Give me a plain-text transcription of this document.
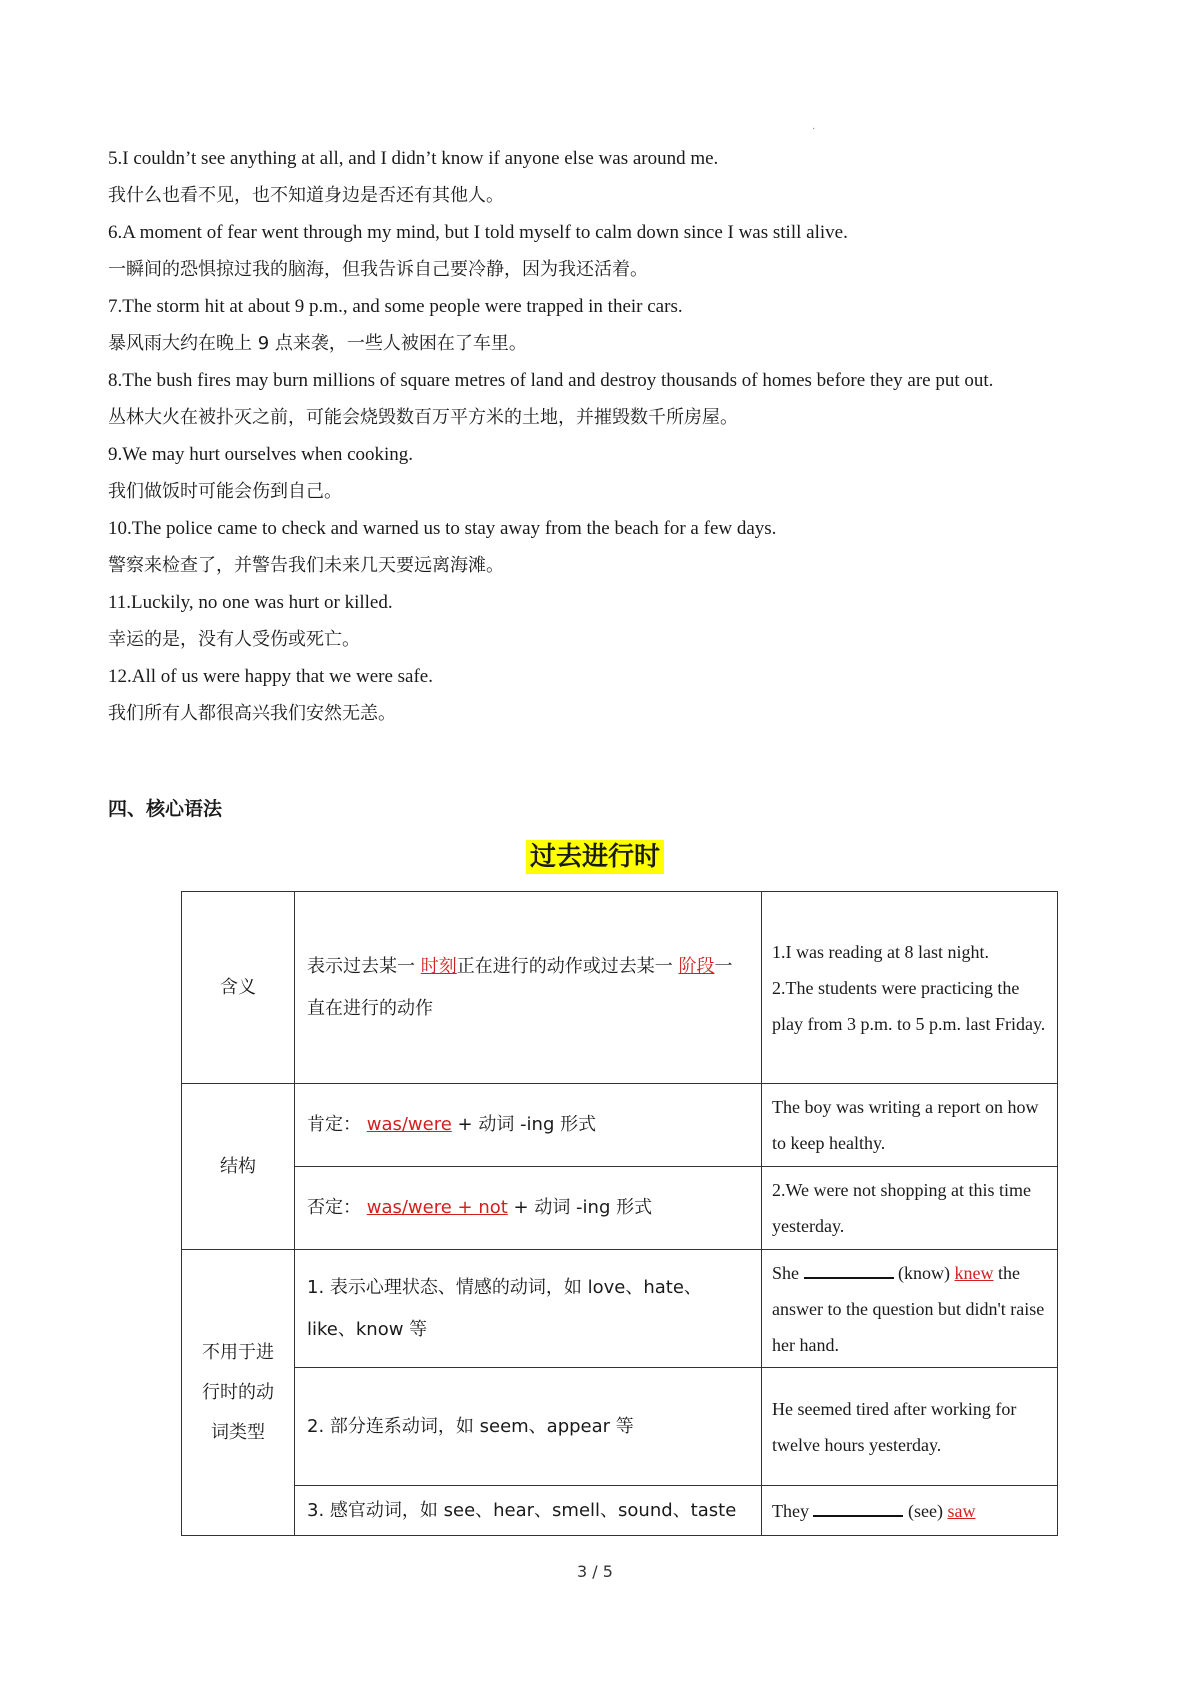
·
5.I couldn’t see anything at all, and I didn’t know if anyone else was around me.
我什么也看不见，也不知道身边是否还有其他人。
6.A moment of fear went through my mind, but I told myself to calm down since I was still alive.
一瞬间的恐惧掠过我的脑海，但我告诉自己要冷静，因为我还活着。
7.The storm hit at about 9 p.m., and some people were trapped in their cars.
暴风雨大约在晚上 9 点来袭，一些人被困在了车里。
8.The bush fires may burn millions of square metres of land and destroy thousands of homes before they are put out.
丛林大火在被扑灭之前，可能会烧毁数百万平方米的土地，并摧毁数千所房屋。
9.We may hurt ourselves when cooking.
我们做饭时可能会伤到自己。
10.The police came to check and warned us to stay away from the beach for a few days.
警察来检查了，并警告我们未来几天要远离海滩。
11.Luckily, no one was hurt or killed.
幸运的是，没有人受伤或死亡。
12.All of us were happy that we were safe.
我们所有人都很高兴我们安然无恙。
四、核心语法
过去进行时
含义	表示过去某一 时刻正在进行的动作或过去某一 阶段一直在进行的动作	1.I was reading at 8 last night.
2.The students were practicing the play from 3 p.m. to 5 p.m. last Friday.

结构	肯定： was/were + 动词 -ing 形式	The boy was writing a report on how to keep healthy.
	否定： was/were + not + 动词 -ing 形式	2.We were not shopping at this time yesterday.
不用于进行时的动词类型	1. 表示心理状态、情感的动词，如 love、hate、like、know 等	She (know) knew the answer to the question but didn't raise her hand.
	2. 部分连系动词，如 seem、appear 等	He seemed tired after working for twelve hours yesterday.
	3. 感官动词，如 see、hear、smell、sound、taste	They (see) saw
3 / 5
